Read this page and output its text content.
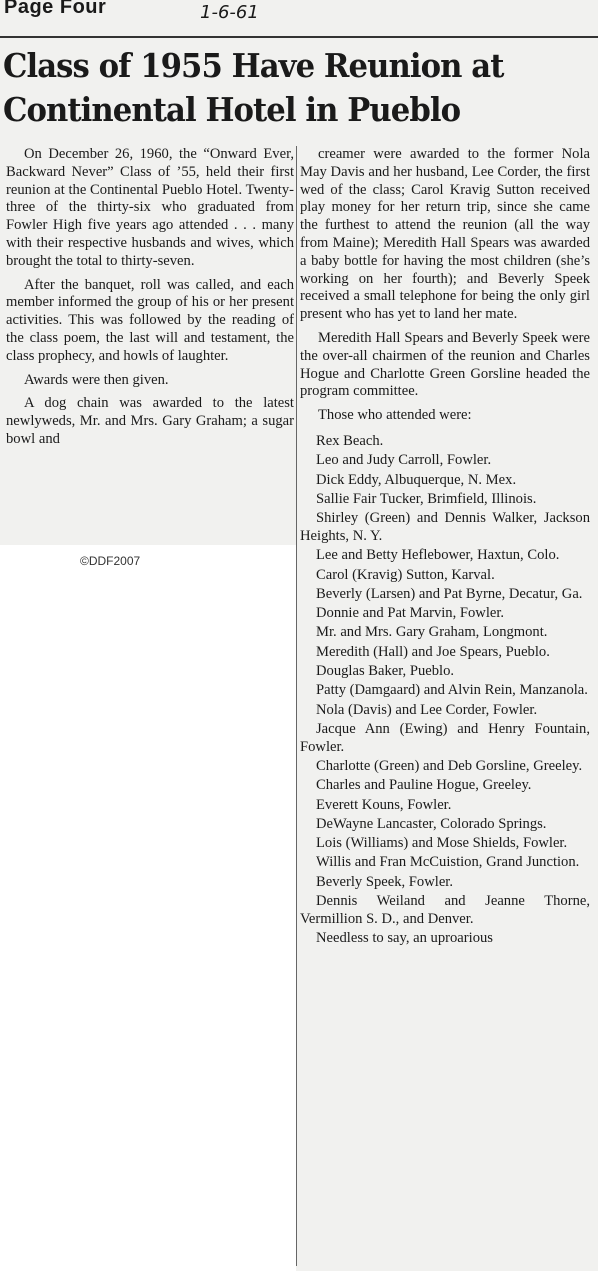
Page Four	1-6-61
Class of 1955 Have Reunion at Continental Hotel in Pueblo

On December 26, 1960, the “Onward Ever, Backward Never” Class of ’55, held their first reunion at the Continental Pueblo Hotel. Twenty-three of the thirty-six who graduated from Fowler High five years ago attended . . . many with their respective husbands and wives, which brought the total to thirty-seven.

After the banquet, roll was called, and each member informed the group of his or her present activities. This was followed by the reading of the class poem, the last will and testament, the class prophecy, and howls of laughter.

Awards were then given.

A dog chain was awarded to the latest newlyweds, Mr. and Mrs. Gary Graham; a sugar bowl and

creamer were awarded to the former Nola May Davis and her husband, Lee Corder, the first wed of the class; Carol Kravig Sutton received play money for her return trip, since she came the furthest to attend the reunion (all the way from Maine); Meredith Hall Spears was awarded a baby bottle for having the most children (she’s working on her fourth); and Beverly Speek received a small telephone for being the only girl present who has yet to land her mate.

Meredith Hall Spears and Beverly Speek were the over-all chairmen of the reunion and Charles Hogue and Charlotte Green Gorsline headed the program committee.

Those who attended were:

Rex Beach.
Leo and Judy Carroll, Fowler.
Dick Eddy, Albuquerque, N. Mex.
Sallie Fair Tucker, Brimfield, Illinois.
Shirley (Green) and Dennis Walker, Jackson Heights, N. Y.
Lee and Betty Heflebower, Haxtun, Colo.
Carol (Kravig) Sutton, Karval.
Beverly (Larsen) and Pat Byrne, Decatur, Ga.
Donnie and Pat Marvin, Fowler.
Mr. and Mrs. Gary Graham, Longmont.
Meredith (Hall) and Joe Spears, Pueblo.
Douglas Baker, Pueblo.
Patty (Damgaard) and Alvin Rein, Manzanola.
Nola (Davis) and Lee Corder, Fowler.
Jacque Ann (Ewing) and Henry Fountain, Fowler.
Charlotte (Green) and Deb Gorsline, Greeley.
Charles and Pauline Hogue, Greeley.
Everett Kouns, Fowler.
DeWayne Lancaster, Colorado Springs.
Lois (Williams) and Mose Shields, Fowler.
Willis and Fran McCuistion, Grand Junction.
Beverly Speek, Fowler.
Dennis Weiland and Jeanne Thorne, Vermillion S. D., and Denver.
Needless to say, an uproarious
©DDF2007
